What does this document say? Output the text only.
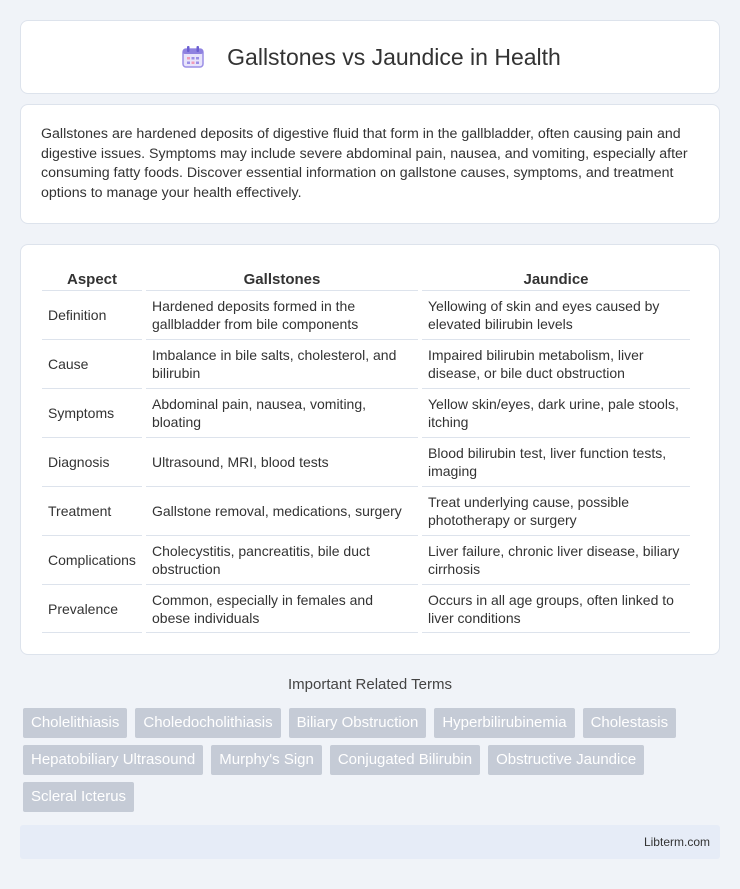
Gallstones vs Jaundice in Health

Gallstones are hardened deposits of digestive fluid that form in the gallbladder, often causing pain and digestive issues. Symptoms may include severe abdominal pain, nausea, and vomiting, especially after consuming fatty foods. Discover essential information on gallstone causes, symptoms, and treatment options to manage your health effectively.

Aspect	Gallstones	Jaundice
Definition	Hardened deposits formed in the gallbladder from bile components	Yellowing of skin and eyes caused by elevated bilirubin levels
Cause	Imbalance in bile salts, cholesterol, and bilirubin	Impaired bilirubin metabolism, liver disease, or bile duct obstruction
Symptoms	Abdominal pain, nausea, vomiting, bloating	Yellow skin/eyes, dark urine, pale stools, itching
Diagnosis	Ultrasound, MRI, blood tests	Blood bilirubin test, liver function tests, imaging
Treatment	Gallstone removal, medications, surgery	Treat underlying cause, possible phototherapy or surgery
Complications	Cholecystitis, pancreatitis, bile duct obstruction	Liver failure, chronic liver disease, biliary cirrhosis
Prevalence	Common, especially in females and obese individuals	Occurs in all age groups, often linked to liver conditions
Important Related Terms
Cholelithiasis	Choledocholithiasis	Biliary Obstruction	Hyperbilirubinemia	Cholestasis
Hepatobiliary Ultrasound	Murphy's Sign	Conjugated Bilirubin	Obstructive Jaundice
Scleral Icterus
Libterm.com
